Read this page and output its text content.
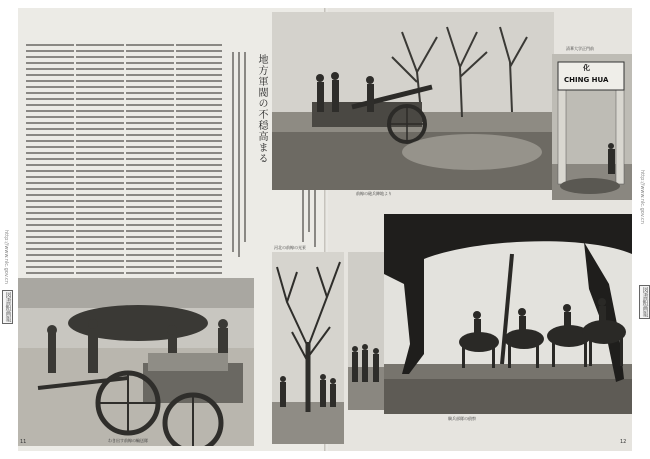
http://www.nlc.gov.cn
図書館画報
http://www.nlc.gov.cn
図書館画報
地方軍閥の不穏高まる
わき出す前線の輸送隊
11
前線の砲兵陣地より
化
CHING HUA
清華大学正門前
河北の前線の光景
騎兵部隊の偵察
12
